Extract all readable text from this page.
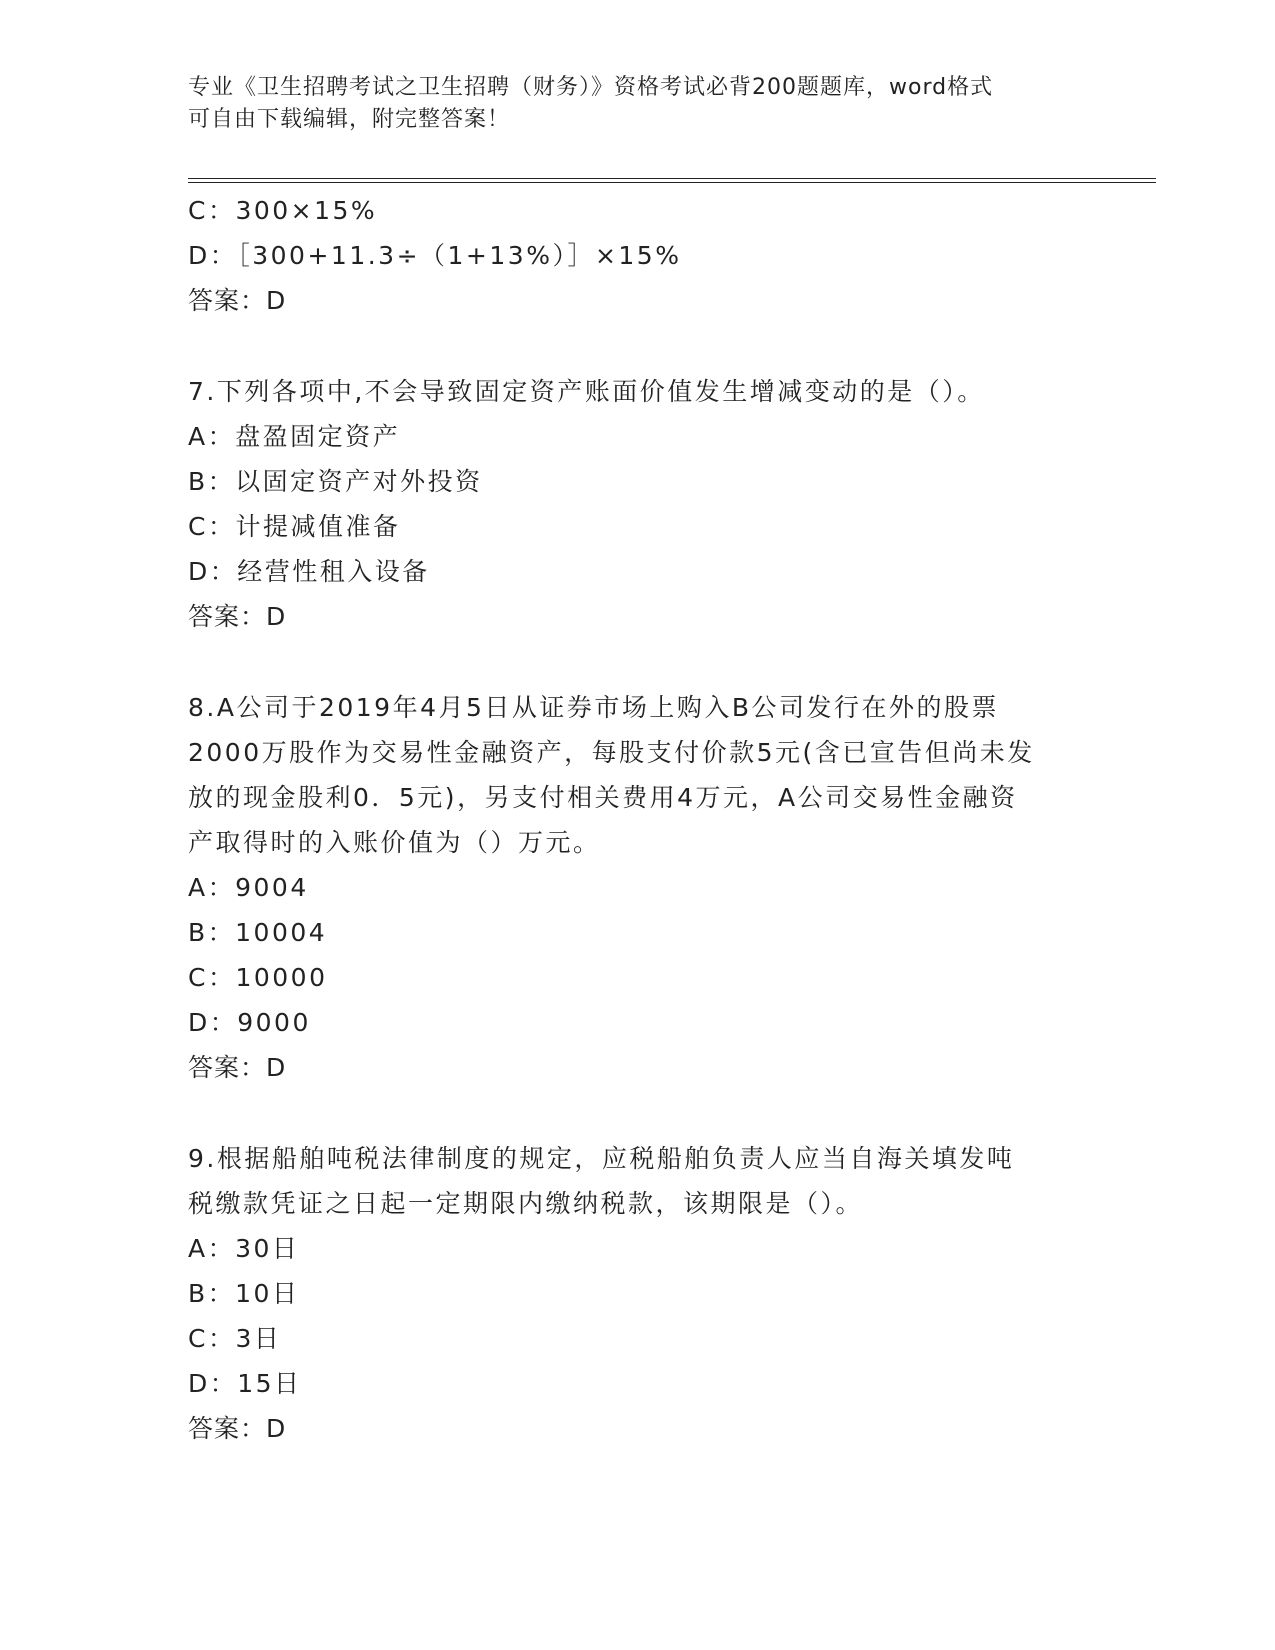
专业《卫生招聘考试之卫生招聘（财务）》资格考试必背200题题库，word格式
可自由下载编辑，附完整答案！
C：300×15%
D：［300+11.3÷（1+13%）］×15%
答案：D
7.下列各项中,不会导致固定资产账面价值发生增减变动的是（）。
A：盘盈固定资产
B：以固定资产对外投资
C：计提减值准备
D：经营性租入设备
答案：D
8.A公司于2019年4月5日从证券市场上购入B公司发行在外的股票
2000万股作为交易性金融资产，每股支付价款5元(含已宣告但尚未发
放的现金股利0．5元)，另支付相关费用4万元，A公司交易性金融资
产取得时的入账价值为（）万元。
A：9004
B：10004
C：10000
D：9000
答案：D
9.根据船舶吨税法律制度的规定，应税船舶负责人应当自海关填发吨
税缴款凭证之日起一定期限内缴纳税款，该期限是（）。
A：30日
B：10日
C：3日
D：15日
答案：D
